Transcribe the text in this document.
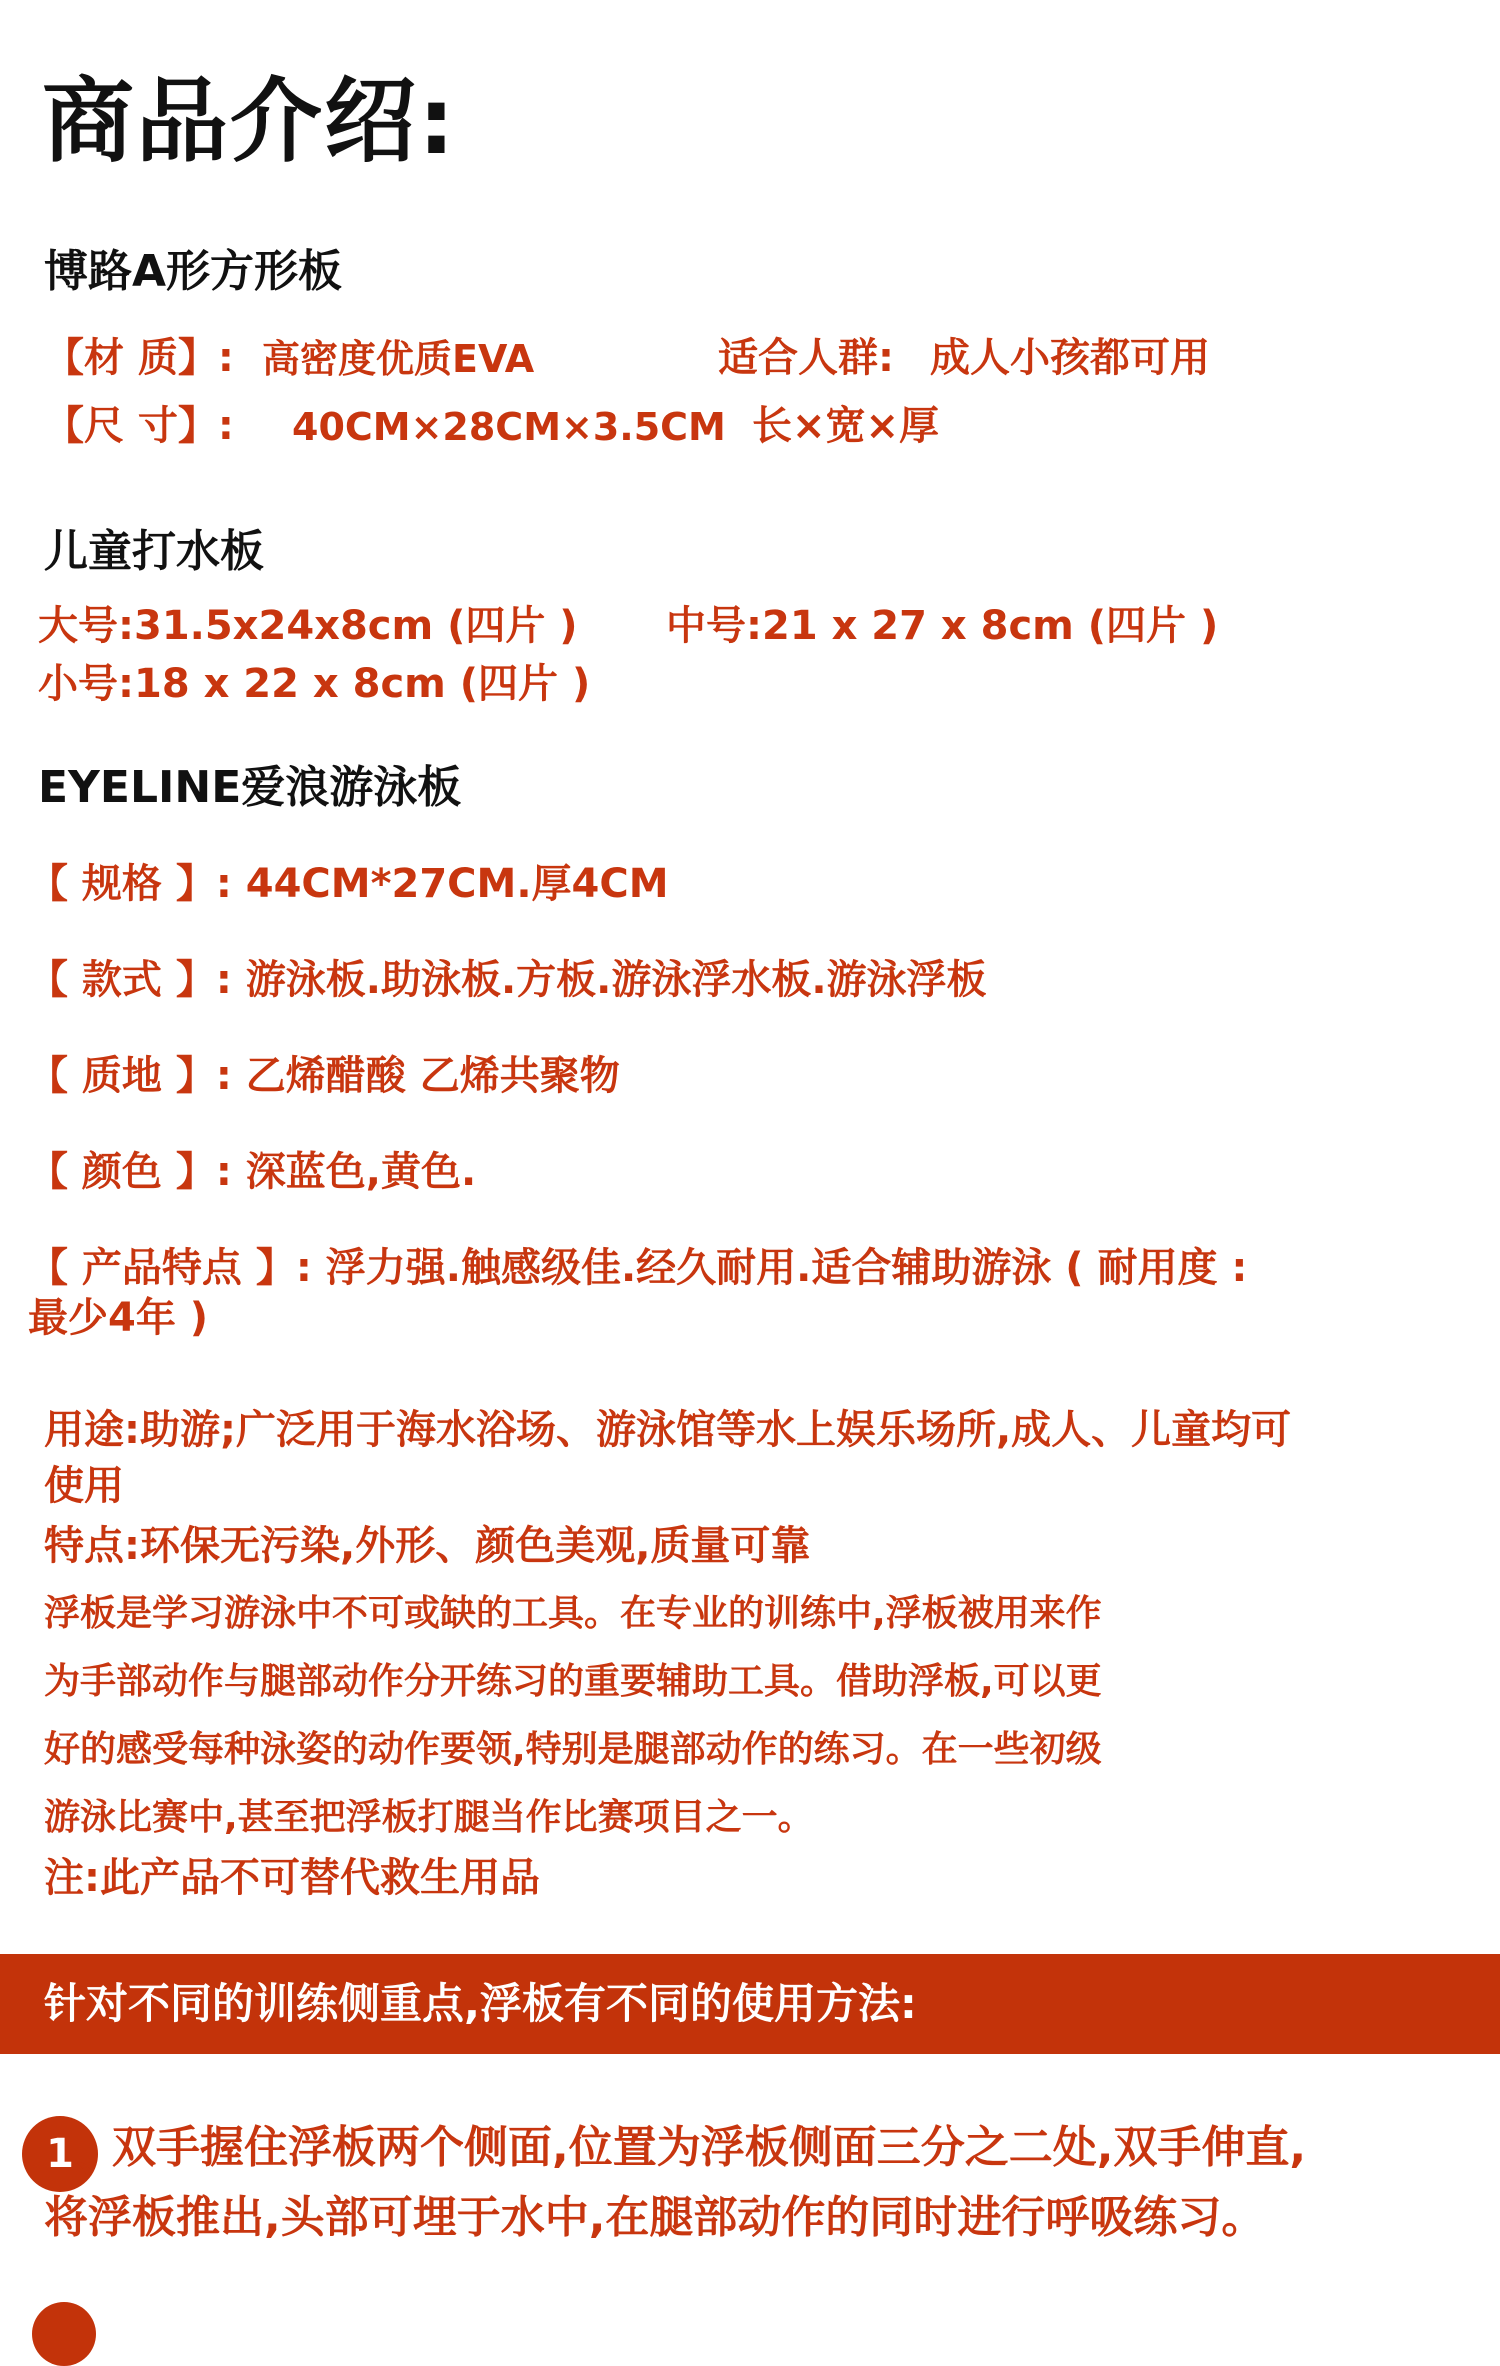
商品介绍:
博路A形方形板
【材 质】: 高密度优质EVA	适合人群: 成人小孩都可用
【尺 寸】: 40CM×28CM×3.5CM 长×宽×厚
儿童打水板
大号:31.5x24x8cm (四片 ) 中号:21 x 27 x 8cm (四片 )
小号:18 x 22 x 8cm (四片 )
EYELINE爱浪游泳板
【 规格 】: 44CM*27CM.厚4CM
【 款式 】: 游泳板.助泳板.方板.游泳浮水板.游泳浮板
【 质地 】: 乙烯醋酸 乙烯共聚物
【 颜色 】: 深蓝色,黄色.
【 产品特点 】: 浮力强.触感级佳.经久耐用.适合辅助游泳 ( 耐用度 :
最少4年 )
用途:助游;广泛用于海水浴场、游泳馆等水上娱乐场所,成人、儿童均可
使用
特点:环保无污染,外形、颜色美观,质量可靠
浮板是学习游泳中不可或缺的工具。在专业的训练中,浮板被用来作
为手部动作与腿部动作分开练习的重要辅助工具。借助浮板,可以更
好的感受每种泳姿的动作要领,特别是腿部动作的练习。在一些初级
游泳比赛中,甚至把浮板打腿当作比赛项目之一。
注:此产品不可替代救生用品
针对不同的训练侧重点,浮板有不同的使用方法:
1 、
双手握住浮板两个侧面,位置为浮板侧面三分之二处,双手伸直,
将浮板推出,头部可埋于水中,在腿部动作的同时进行呼吸练习。
